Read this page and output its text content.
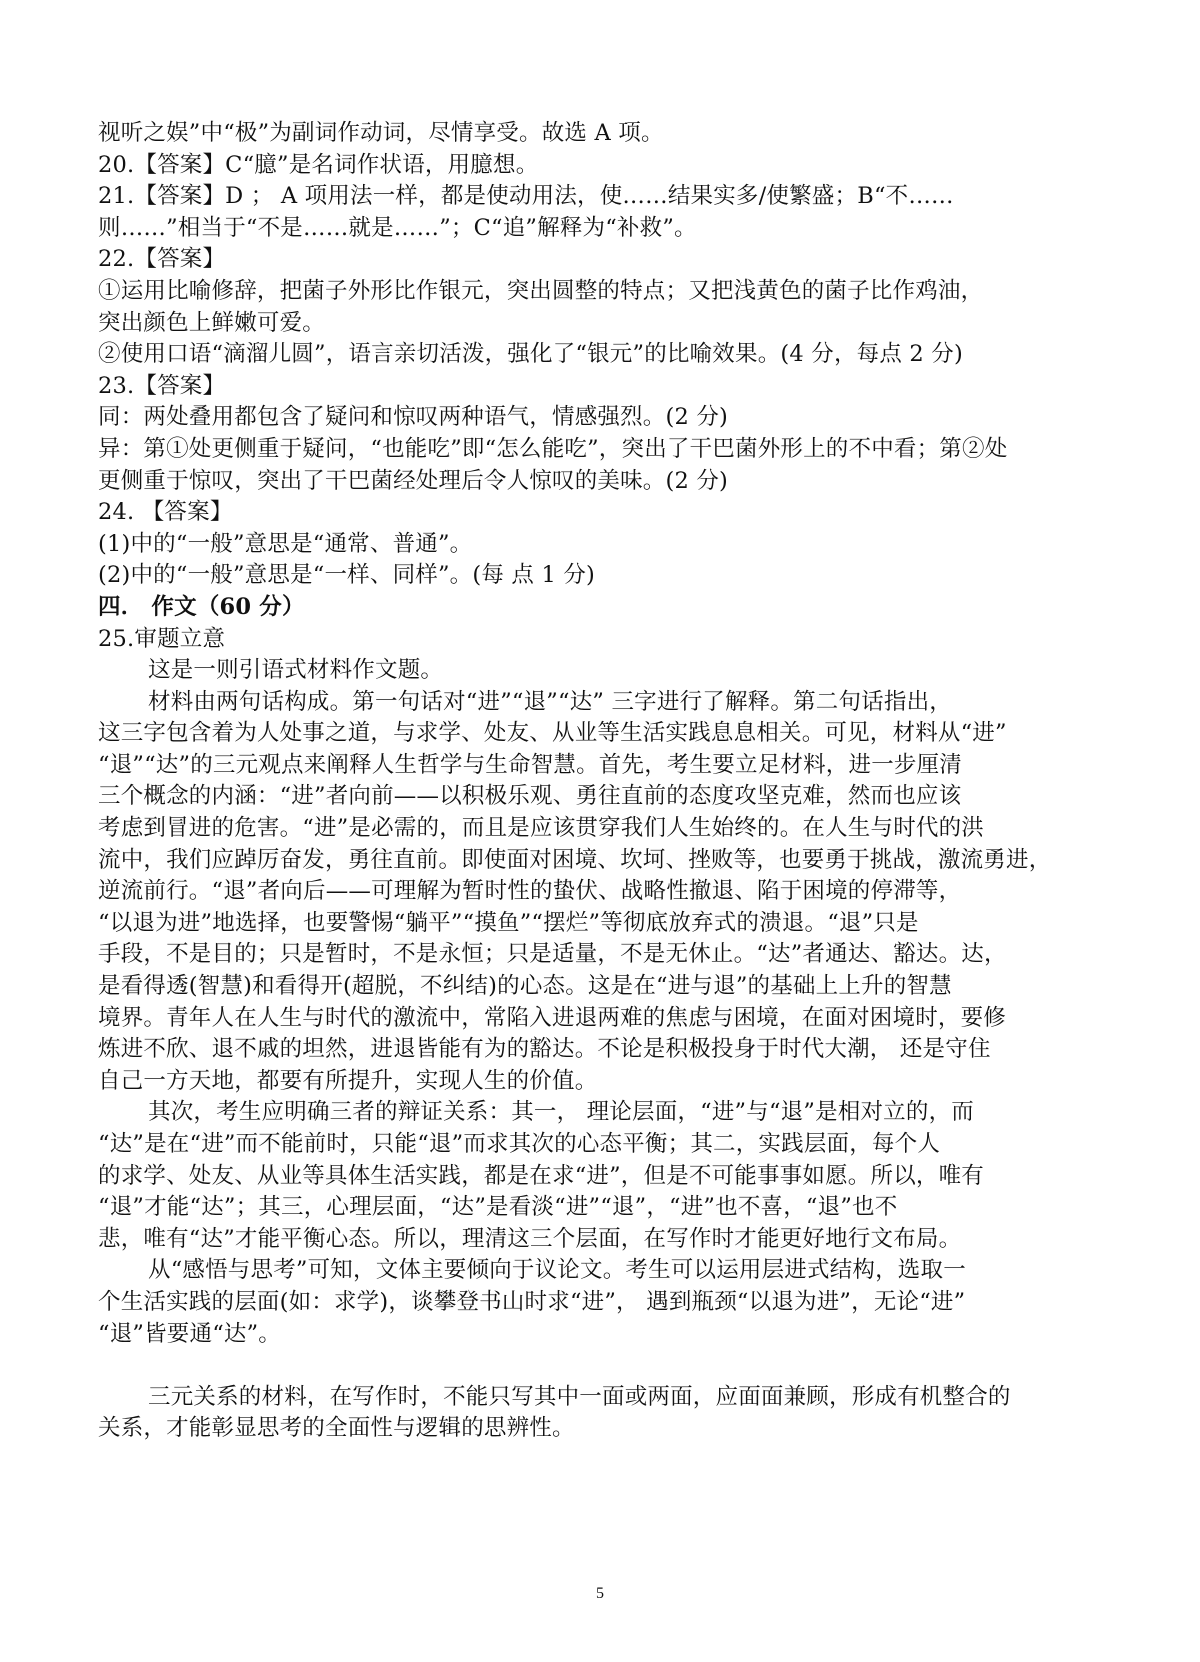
视听之娱”中“极”为副词作动词，尽情享受。故选 A 项。
20.【答案】C“臆”是名词作状语，用臆想。
21.【答案】D ； A 项用法一样，都是使动用法，使……结果实多/使繁盛；B“不……
则……”相当于“不是……就是……”；C“追”解释为“补救”。
22.【答案】
①运用比喻修辞，把菌子外形比作银元，突出圆整的特点；又把浅黄色的菌子比作鸡油，
突出颜色上鲜嫩可爱。
②使用口语“滴溜儿圆”，语言亲切活泼，强化了“银元”的比喻效果。(4 分，每点 2 分)
23.【答案】
同：两处叠用都包含了疑问和惊叹两种语气，情感强烈。(2 分)
异：第①处更侧重于疑问，“也能吃”即“怎么能吃”，突出了干巴菌外形上的不中看；第②处
更侧重于惊叹，突出了干巴菌经处理后令人惊叹的美味。(2 分)
24. 【答案】
(1)中的“一般”意思是“通常、普通”。
(2)中的“一般”意思是“一样、同样”。(每 点 1 分)
四． 作文（60 分）
25.审题立意
这是一则引语式材料作文题。
材料由两句话构成。第一句话对“进”“退”“达” 三字进行了解释。第二句话指出，
这三字包含着为人处事之道，与求学、处友、从业等生活实践息息相关。可见，材料从“进”
“退”“达”的三元观点来阐释人生哲学与生命智慧。首先，考生要立足材料，进一步厘清
三个概念的内涵：“进”者向前——以积极乐观、勇往直前的态度攻坚克难，然而也应该
考虑到冒进的危害。“进”是必需的，而且是应该贯穿我们人生始终的。在人生与时代的洪
流中，我们应踔厉奋发，勇往直前。即使面对困境、坎坷、挫败等，也要勇于挑战，激流勇进，
逆流前行。“退”者向后——可理解为暂时性的蛰伏、战略性撤退、陷于困境的停滞等，
“以退为进”地选择，也要警惕“躺平”“摸鱼”“摆烂”等彻底放弃式的溃退。“退”只是
手段，不是目的；只是暂时，不是永恒；只是适量，不是无休止。“达”者通达、豁达。达，
是看得透(智慧)和看得开(超脱，不纠结)的心态。这是在“进与退”的基础上上升的智慧
境界。青年人在人生与时代的激流中，常陷入进退两难的焦虑与困境，在面对困境时，要修
炼进不欣、退不戚的坦然，进退皆能有为的豁达。不论是积极投身于时代大潮， 还是守住
自己一方天地，都要有所提升，实现人生的价值。
其次，考生应明确三者的辩证关系：其一， 理论层面，“进”与“退”是相对立的，而
“达”是在“进”而不能前时，只能“退”而求其次的心态平衡；其二，实践层面，每个人
的求学、处友、从业等具体生活实践，都是在求“进”，但是不可能事事如愿。所以，唯有
“退”才能“达”；其三，心理层面，“达”是看淡“进”“退”，“进”也不喜，“退”也不
悲，唯有“达”才能平衡心态。所以，理清这三个层面，在写作时才能更好地行文布局。
从“感悟与思考”可知，文体主要倾向于议论文。考生可以运用层进式结构，选取一
个生活实践的层面(如：求学)，谈攀登书山时求“进”， 遇到瓶颈“以退为进”，无论“进”
“退”皆要通“达”。
三元关系的材料，在写作时，不能只写其中一面或两面，应面面兼顾，形成有机整合的
关系，才能彰显思考的全面性与逻辑的思辨性。
5
